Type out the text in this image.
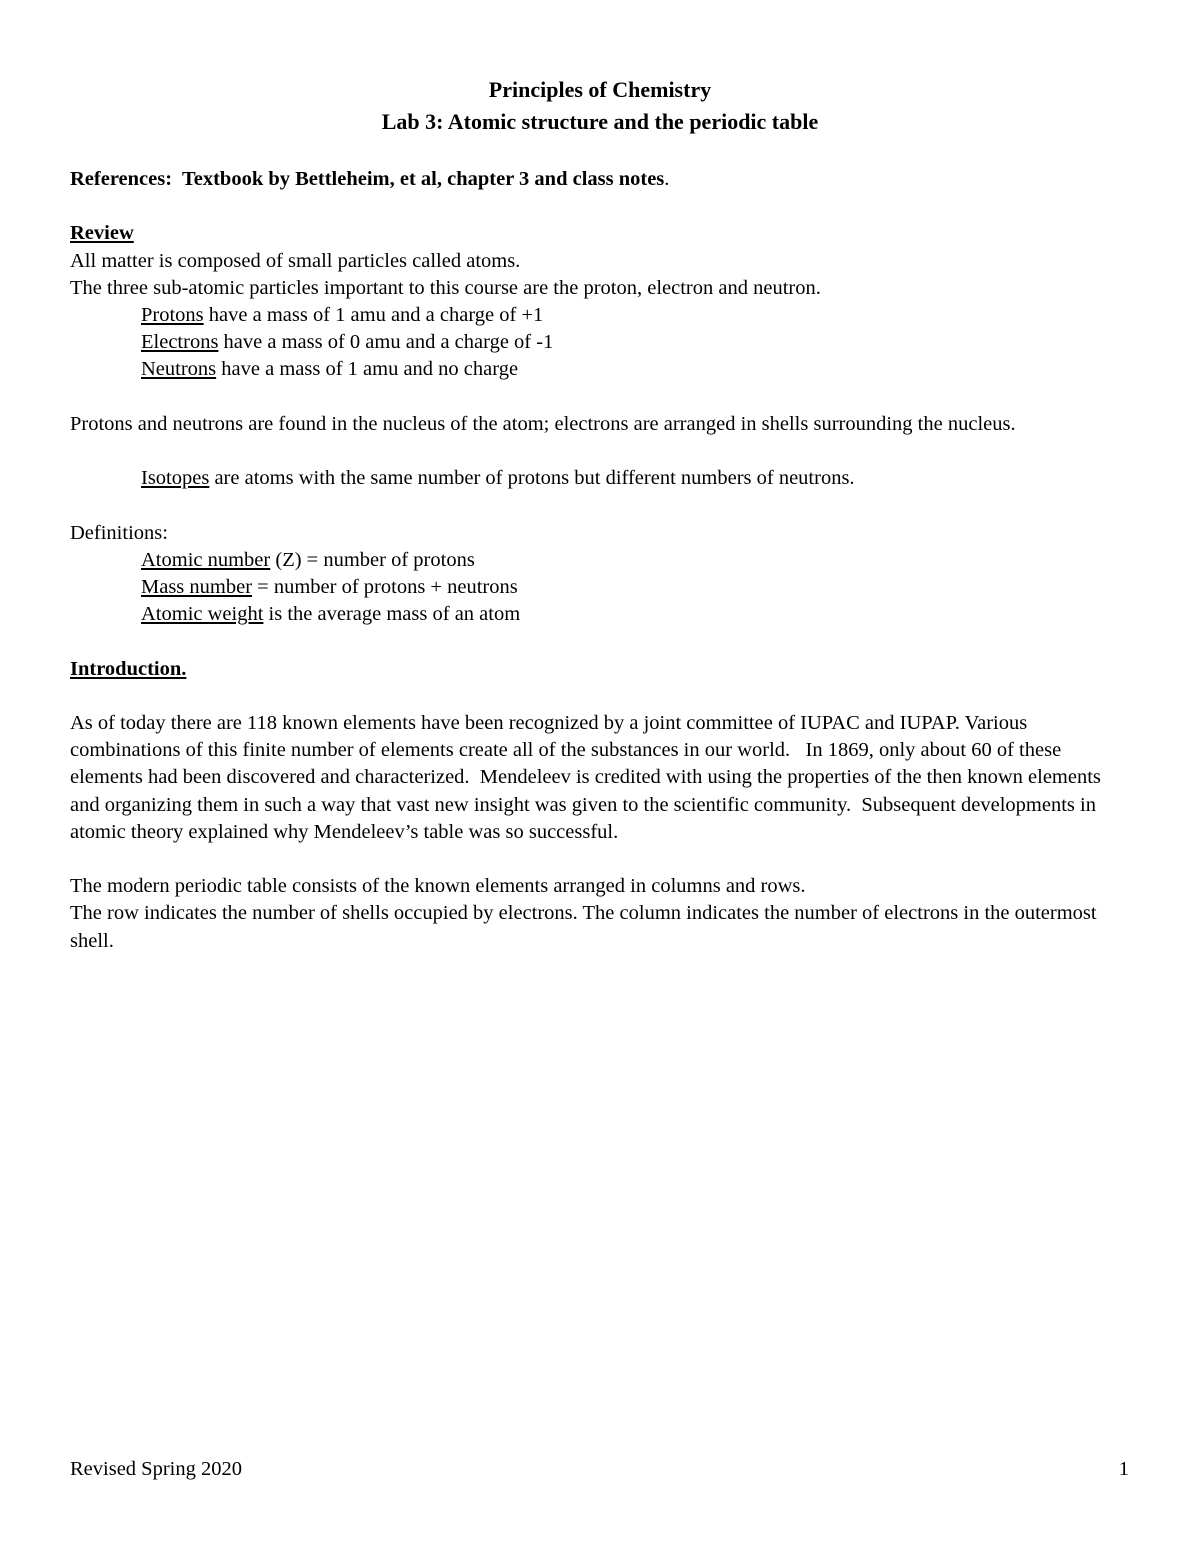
Principles of Chemistry
Lab 3: Atomic structure and the periodic table

References: Textbook by Bettleheim, et al, chapter 3 and class notes.

Review

All matter is composed of small particles called atoms.

The three sub-atomic particles important to this course are the proton, electron and neutron.

Protons have a mass of 1 amu and a charge of +1

Electrons have a mass of 0 amu and a charge of -1

Neutrons have a mass of 1 amu and no charge

Protons and neutrons are found in the nucleus of the atom; electrons are arranged in shells surrounding the nucleus.

Isotopes are atoms with the same number of protons but different numbers of neutrons.

Definitions:

Atomic number (Z) = number of protons

Mass number = number of protons + neutrons

Atomic weight is the average mass of an atom

Introduction.

As of today there are 118 known elements have been recognized by a joint committee of IUPAC and IUPAP. Various combinations of this finite number of elements create all of the substances in our world.   In 1869, only about 60 of these elements had been discovered and characterized.  Mendeleev is credited with using the properties of the then known elements and organizing them in such a way that vast new insight was given to the scientific community.  Subsequent developments in atomic theory explained why Mendeleev’s table was so successful.

The modern periodic table consists of the known elements arranged in columns and rows.

The row indicates the number of shells occupied by electrons. The column indicates the number of electrons in the outermost shell.

Revised Spring 2020	1
